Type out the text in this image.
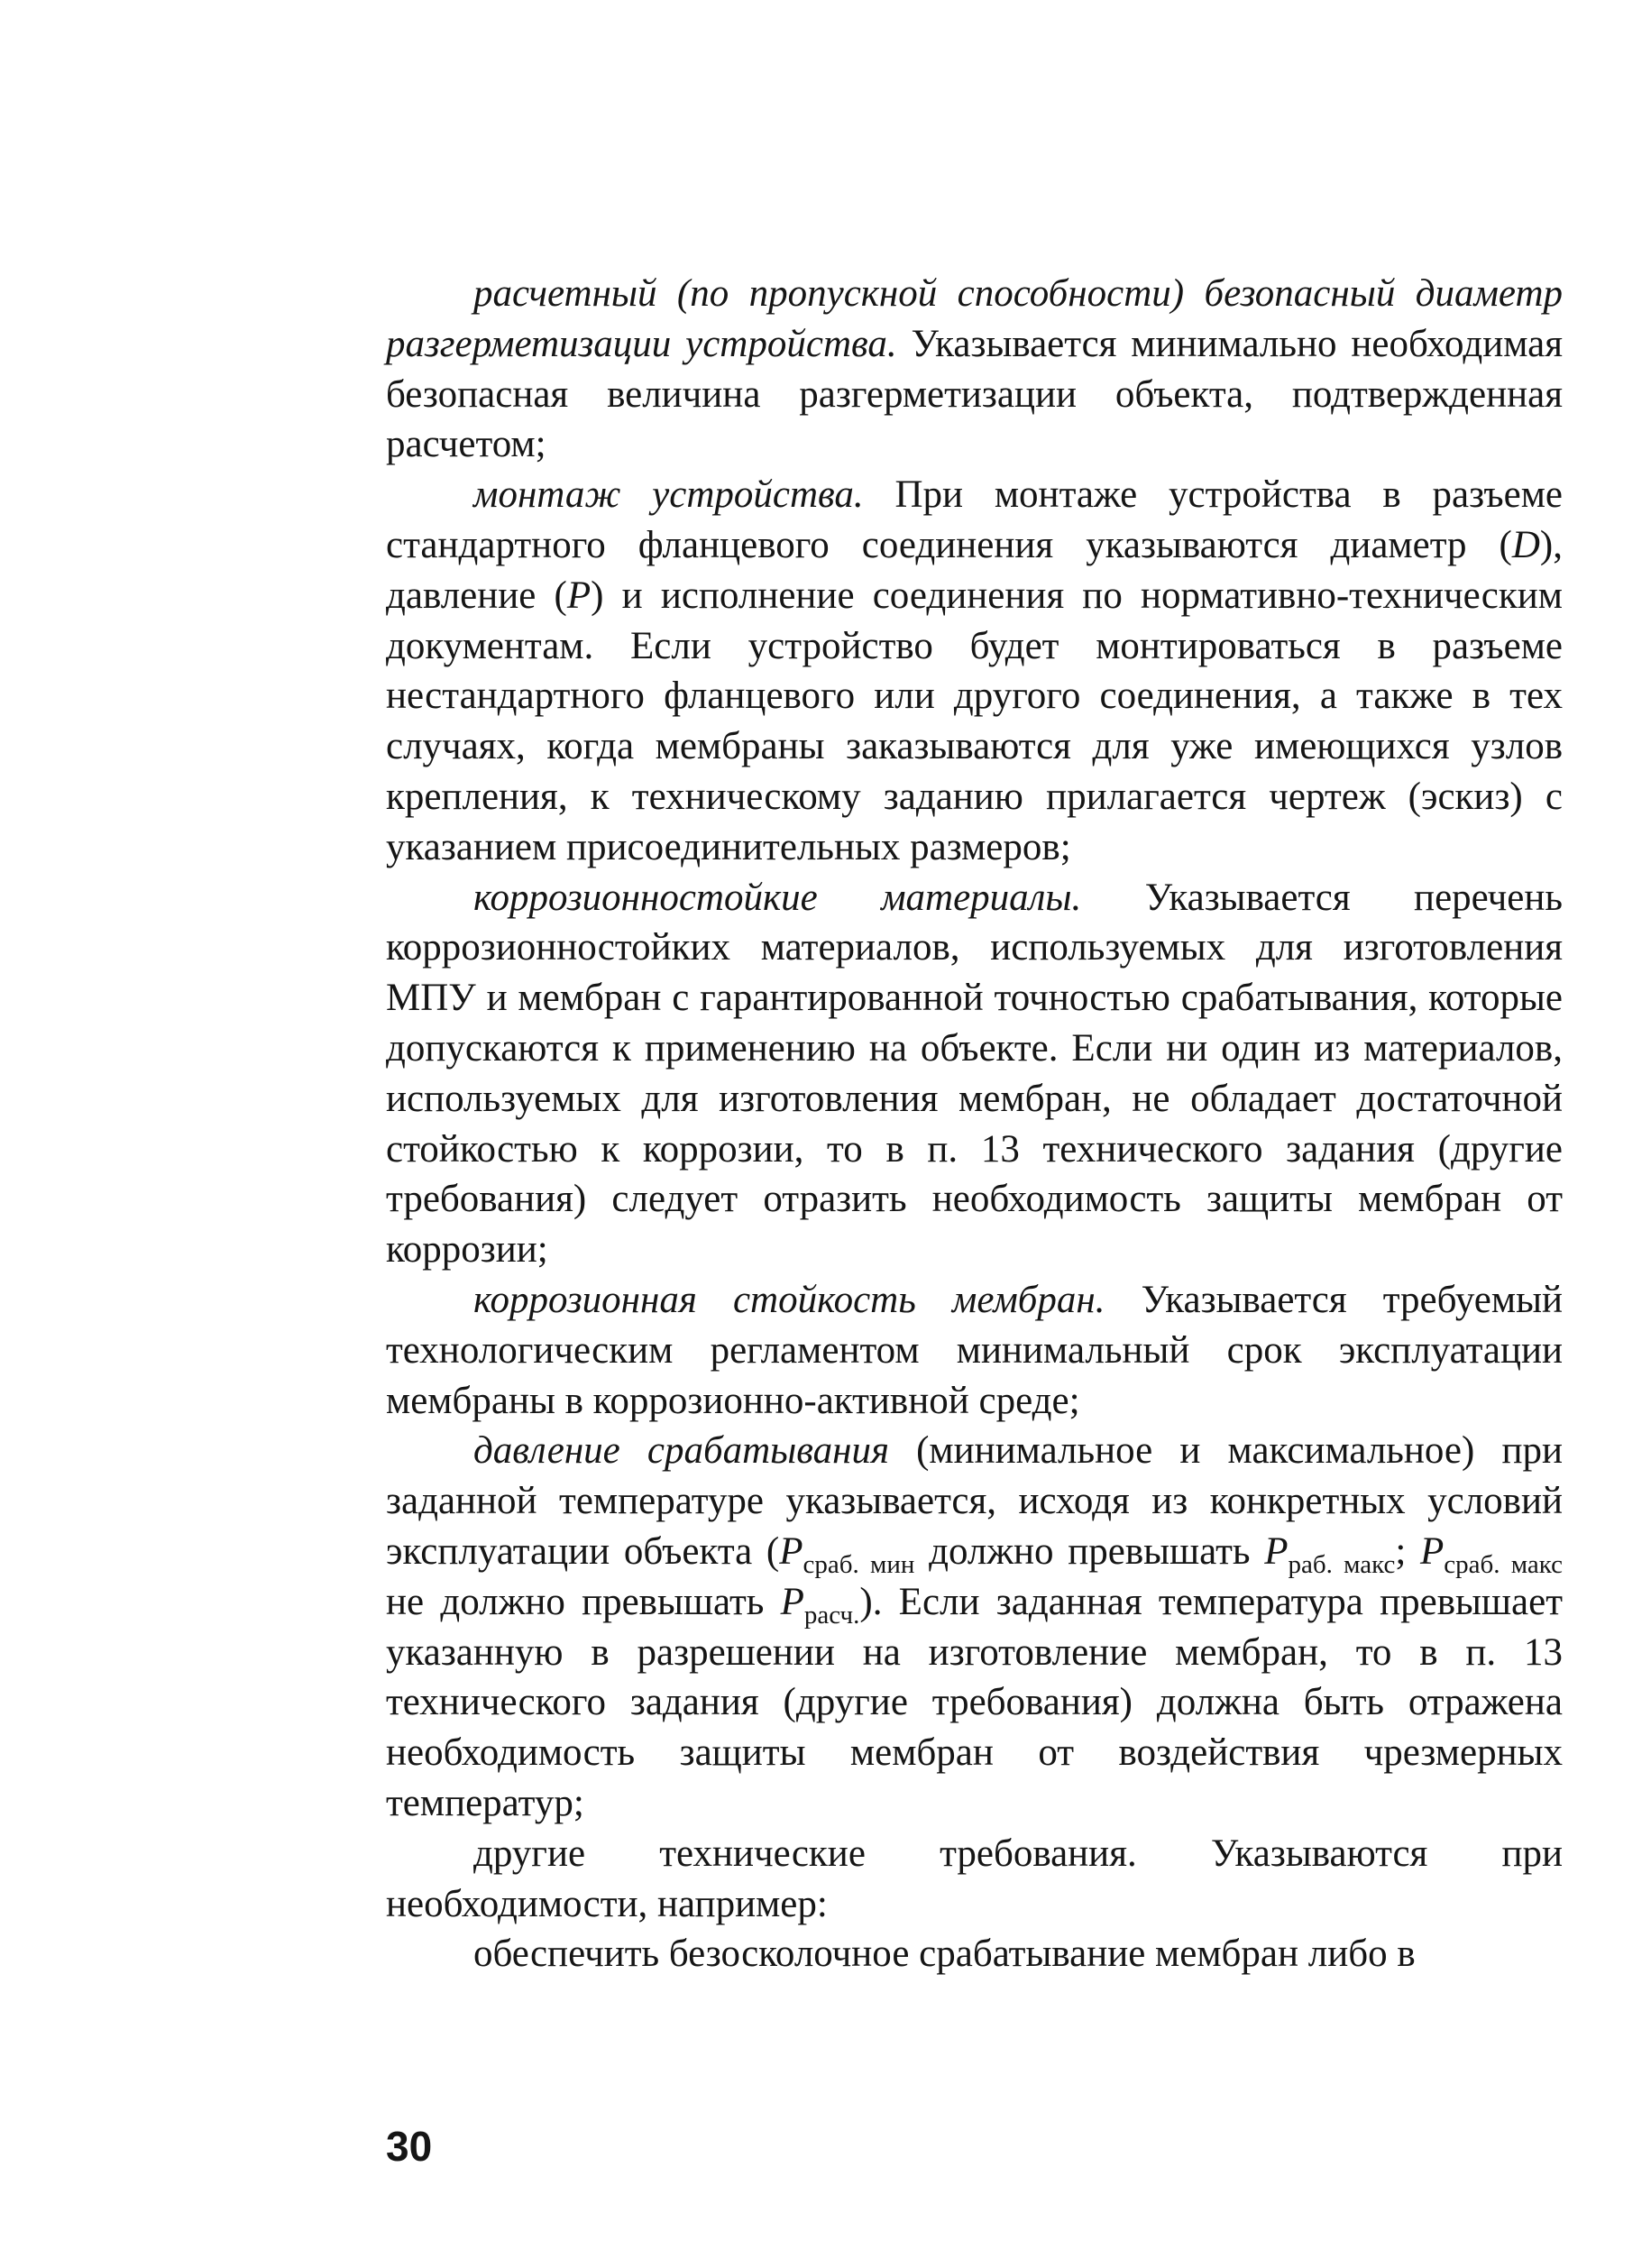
расчетный (по пропускной способности) безопасный диаметр разгерметизации устройства. Указывается минимально необходимая безопасная величина разгерметизации объекта, подтвержденная расчетом;

монтаж устройства. При монтаже устройства в разъеме стандартного фланцевого соединения указываются диаметр (D), давление (P) и исполнение соединения по нормативно-техническим документам. Если устройство будет монтироваться в разъеме нестандартного фланцевого или другого соединения, а также в тех случаях, когда мембраны заказываются для уже имеющихся узлов крепления, к техническому заданию прилагается чертеж (эскиз) с указанием присоединительных размеров;

коррозионностойкие материалы. Указывается перечень коррозионностойких материалов, используемых для изготовления МПУ и мембран с гарантированной точностью срабатывания, которые допускаются к применению на объекте. Если ни один из материалов, используемых для изготовления мембран, не обладает достаточной стойкостью к коррозии, то в п. 13 технического задания (другие требования) следует отразить необходимость защиты мембран от коррозии;

коррозионная стойкость мембран. Указывается требуемый технологическим регламентом минимальный срок эксплуатации мембраны в коррозионно-активной среде;

давление срабатывания (минимальное и максимальное) при заданной температуре указывается, исходя из конкретных условий эксплуатации объекта ($P_{сраб. мин}$ должно превышать $P_{раб. макс}$; $P_{сраб. макс}$ не должно превышать $P_{расч.}$). Если заданная температура превышает указанную в разрешении на изготовление мембран, то в п. 13 технического задания (другие требования) должна быть отражена необходимость защиты мембран от воздействия чрезмерных температур;

другие технические требования. Указываются при необходимости, например:

обеспечить безосколочное срабатывание мембран либо в

30
